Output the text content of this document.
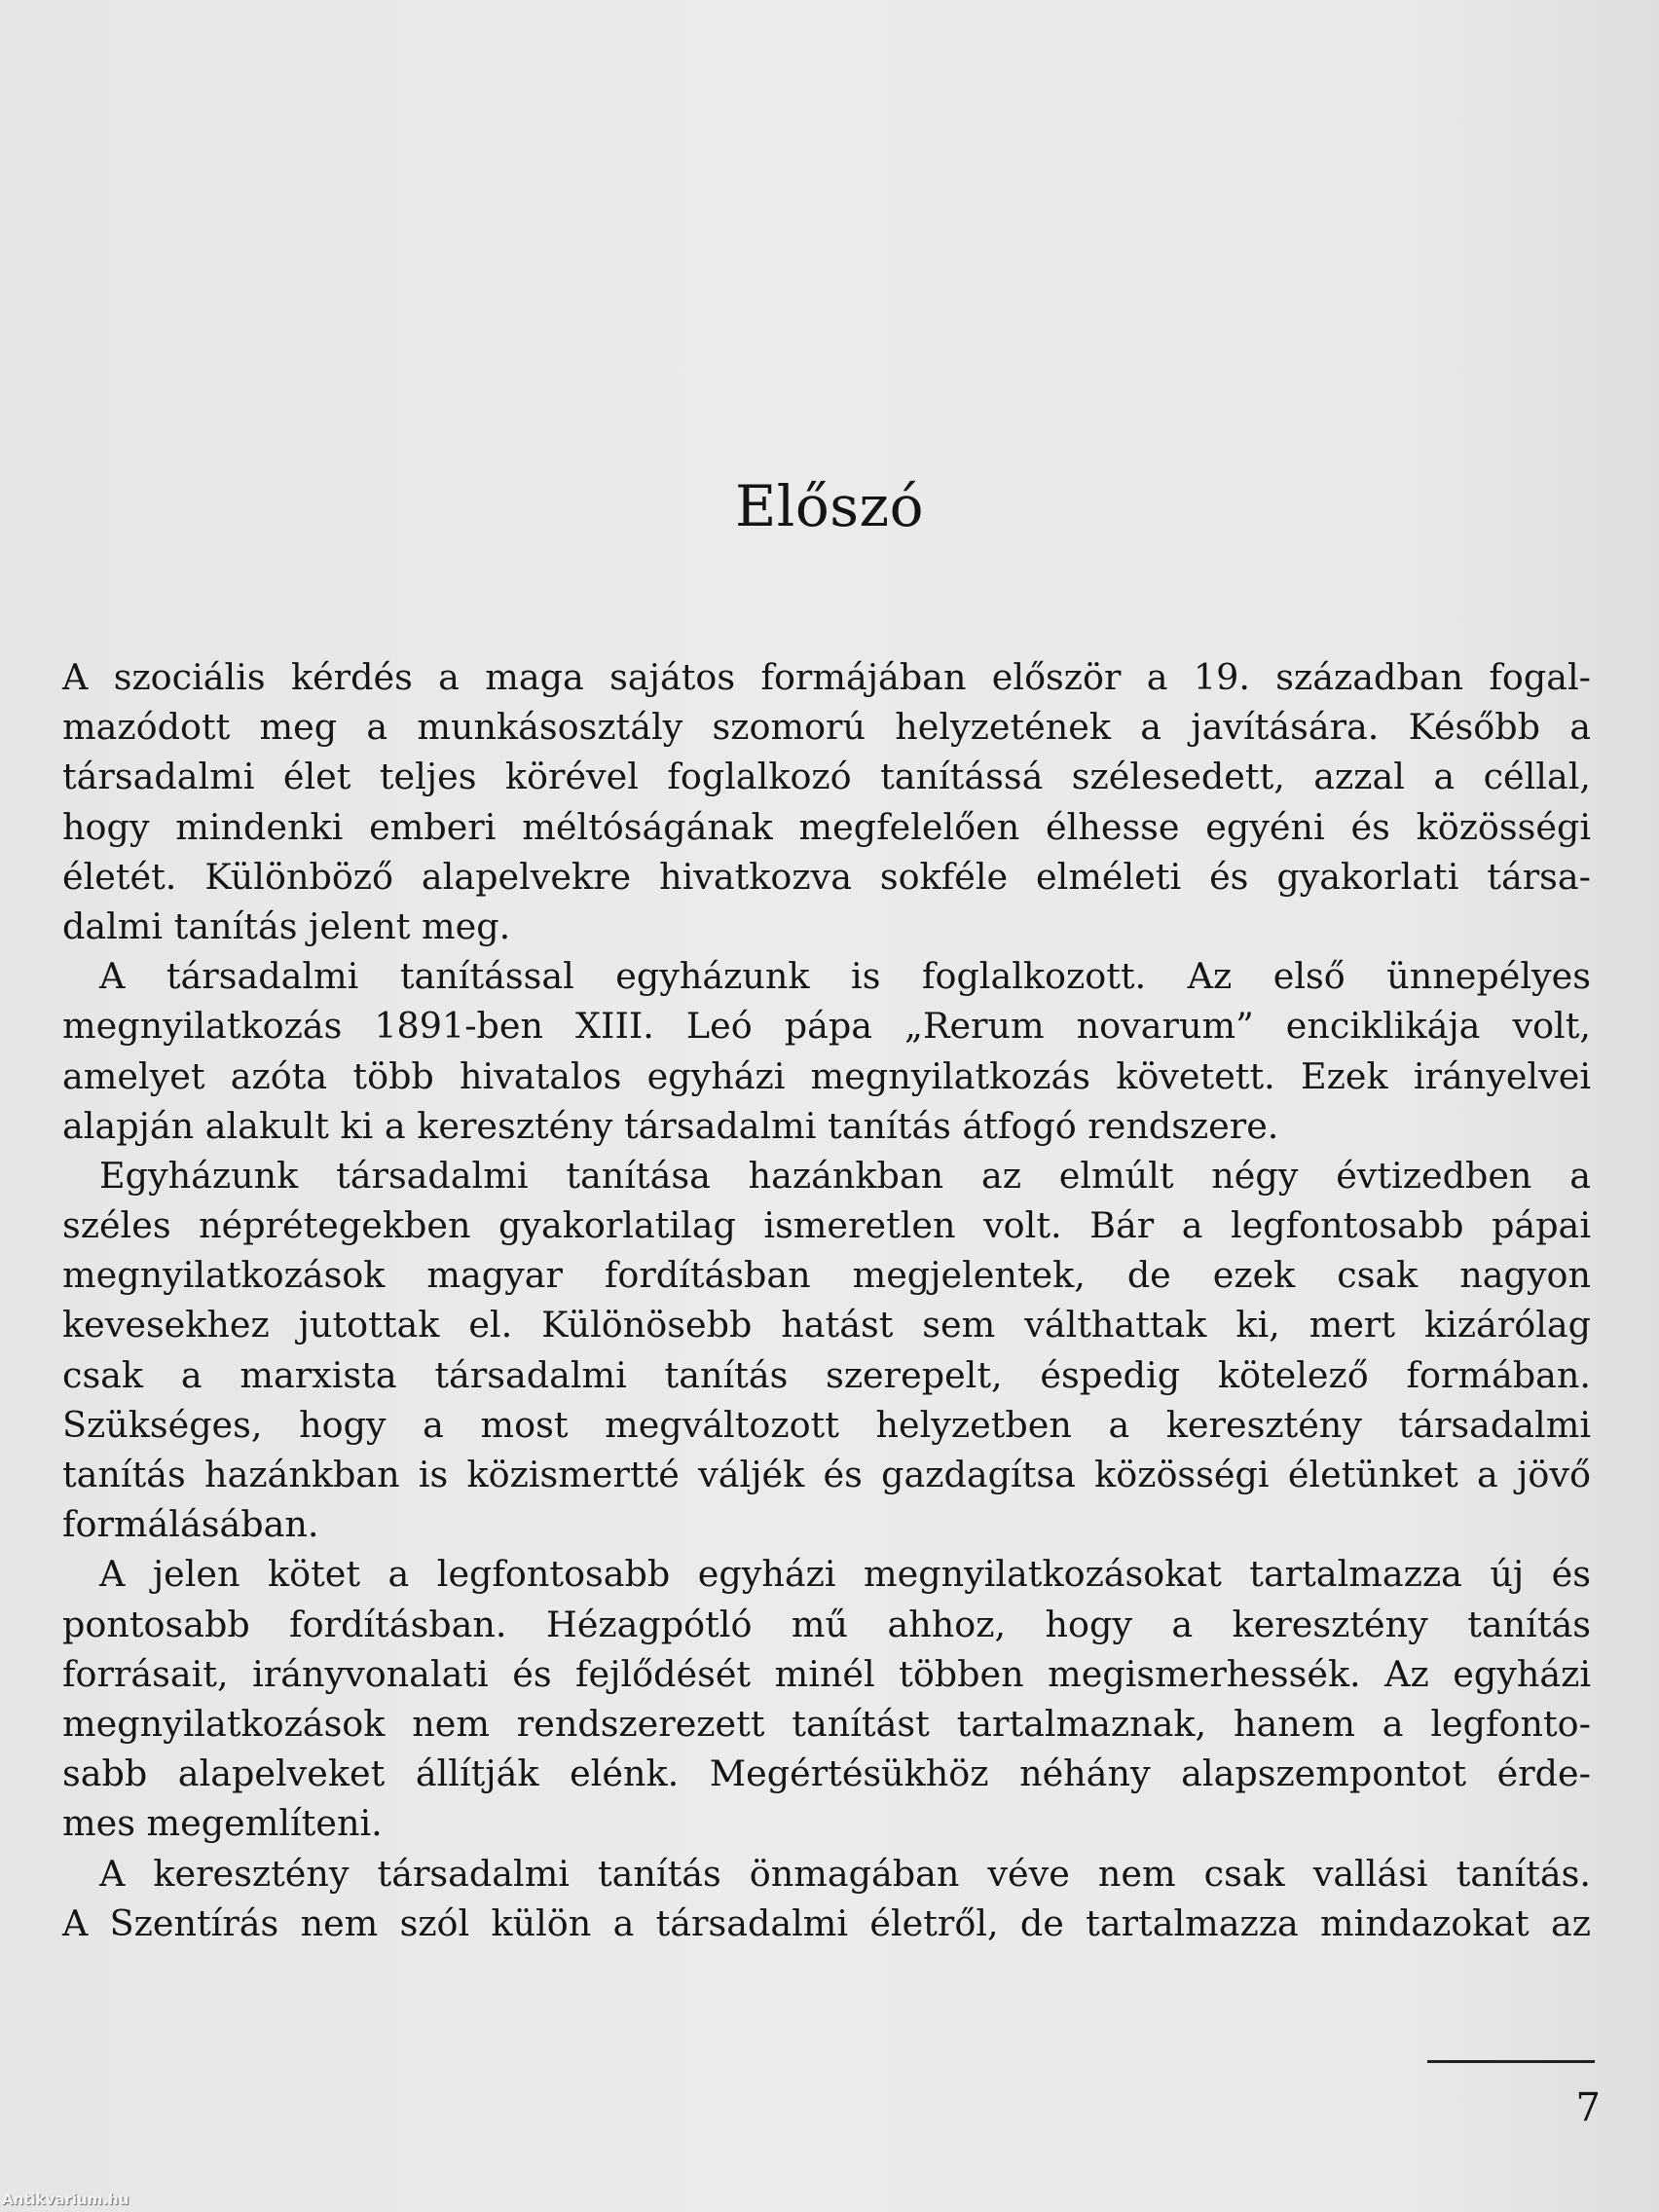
Előszó
A szociális kérdés a maga sajátos formájában először a 19. században fogal-
mazódott meg a munkásosztály szomorú helyzetének a javítására. Később a
társadalmi élet teljes körével foglalkozó tanítássá szélesedett, azzal a céllal,
hogy mindenki emberi méltóságának megfelelően élhesse egyéni és közösségi
életét. Különböző alapelvekre hivatkozva sokféle elméleti és gyakorlati társa-
dalmi tanítás jelent meg.
A társadalmi tanítással egyházunk is foglalkozott. Az első ünnepélyes
megnyilatkozás 1891-ben XIII. Leó pápa „Rerum novarum” enciklikája volt,
amelyet azóta több hivatalos egyházi megnyilatkozás követett. Ezek irányelvei
alapján alakult ki a keresztény társadalmi tanítás átfogó rendszere.
Egyházunk társadalmi tanítása hazánkban az elmúlt négy évtizedben a
széles néprétegekben gyakorlatilag ismeretlen volt. Bár a legfontosabb pápai
megnyilatkozások magyar fordításban megjelentek, de ezek csak nagyon
kevesekhez jutottak el. Különösebb hatást sem válthattak ki, mert kizárólag
csak a marxista társadalmi tanítás szerepelt, éspedig kötelező formában.
Szükséges, hogy a most megváltozott helyzetben a keresztény társadalmi
tanítás hazánkban is közismertté váljék és gazdagítsa közösségi életünket a jövő
formálásában.
A jelen kötet a legfontosabb egyházi megnyilatkozásokat tartalmazza új és
pontosabb fordításban. Hézagpótló mű ahhoz, hogy a keresztény tanítás
forrásait, irányvonalati és fejlődését minél többen megismerhessék. Az egyházi
megnyilatkozások nem rendszerezett tanítást tartalmaznak, hanem a legfonto-
sabb alapelveket állítják elénk. Megértésükhöz néhány alapszempontot érde-
mes megemlíteni.
A keresztény társadalmi tanítás önmagában véve nem csak vallási tanítás.
A Szentírás nem szól külön a társadalmi életről, de tartalmazza mindazokat az
7
Antikvarium.hu
